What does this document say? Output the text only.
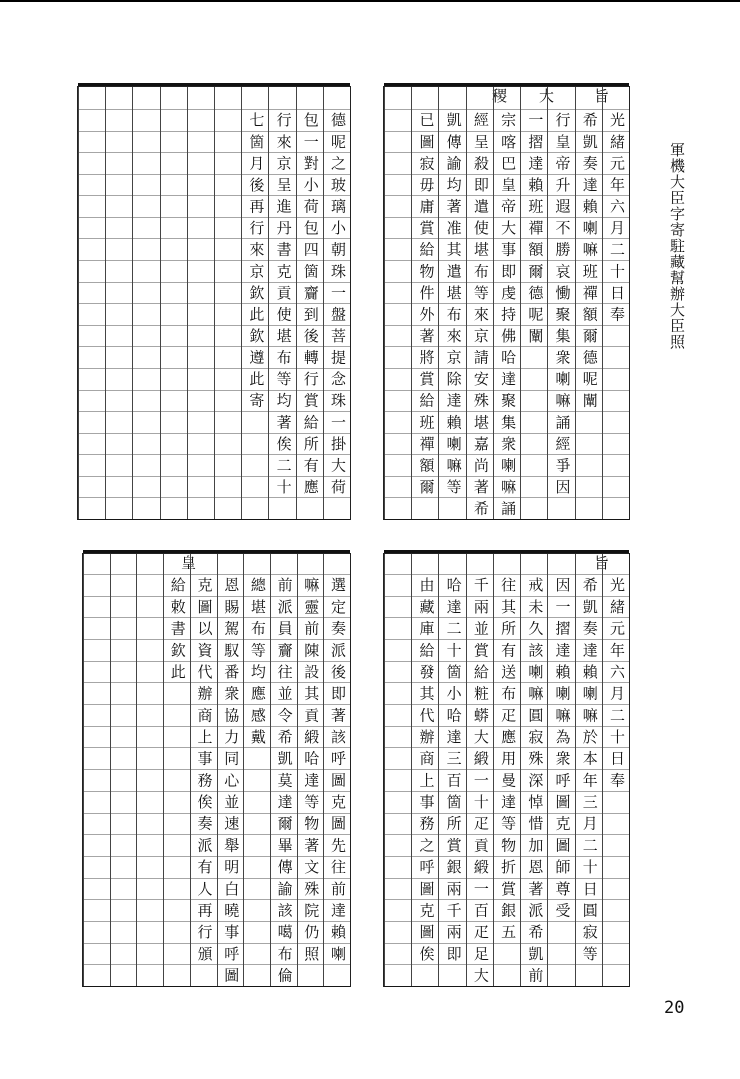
軍機大臣字寄駐藏幫辦大臣照
20
旨
大
稷
光緒元年六月二十日奉
希凱奏達賴喇嘛班禪額爾德呢闡
行皇帝升遐不勝哀慟聚集衆喇嘛誦經爭因
一摺達賴班禪額爾德呢闡
宗喀巴皇帝大事即虔持佛哈達聚集衆喇嘛誦
經呈殺即遣使堪布等來京請安殊堪嘉尚著希
凱傳諭均著准其遣堪布來京除達賴喇嘛等
已圖寂毋庸賞給物件外著將賞給班禪額爾
德呢之玻璃小朝珠一盤菩提念珠一掛大荷
包一對小荷包四箇齎到後轉行賞給所有應
行來京呈進丹書克貢使堪布等均著俟二十
七箇月後再行來京欽此欽遵此寄
旨
光緒元年六月二十日奉
希凱奏達賴喇嘛於本年三月二十日圓寂等
因一摺達賴喇嘛為衆呼圖克圖師尊受
戒未久該喇嘛圓寂殊深悼惜加恩著派希凱前
往其所有送布疋應用曼達等物折賞銀五
千兩並賞給粧蟒大緞一十疋貢緞一百疋足大
哈達二十箇小哈達三百箇所賞銀兩千兩即
由藏庫給發其代辦商上事務之呼圖克圖俟
皇
選定奏派後即著該呼圖克圖先往前達賴喇
嘛靈前陳設其貢緞哈達等物著文殊院仍照
前派員齎往並令希凱莫達爾畢傳諭該噶布倫
總堪布等均應感戴
恩賜駕馭番衆協力同心並速舉明白曉事呼圖
克圖以資代辦商上事務俟奏派有人再行頒
給敕書欽此
